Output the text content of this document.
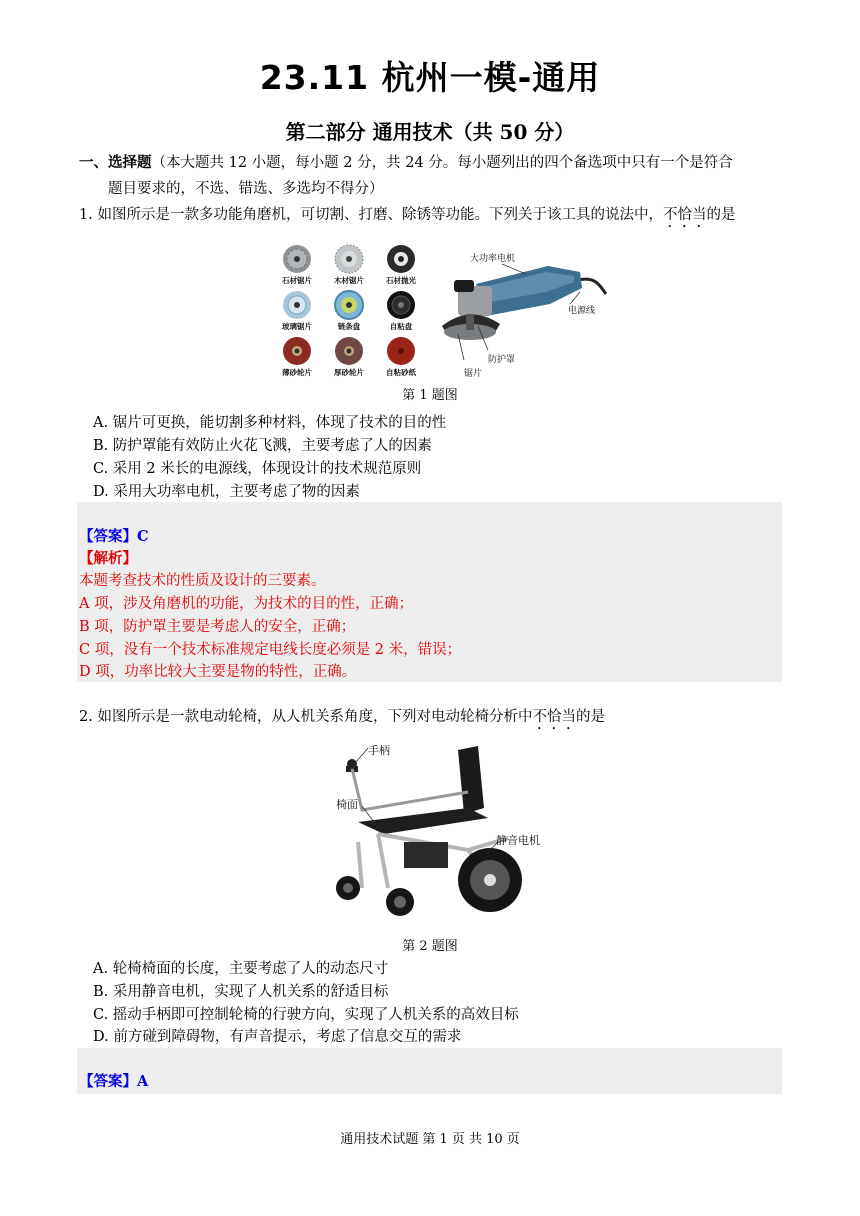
23.11 杭州一模-通用
第二部分 通用技术（共 50 分）
一、选择题（本大题共 12 小题，每小题 2 分，共 24 分。每小题列出的四个备选项中只有一个是符合
题目要求的，不选、错选、多选均不得分）
1. 如图所示是一款多功能角磨机，可切割、打磨、除锈等功能。下列关于该工具的说法中，不恰当的是
石材锯片	木材锯片	石材抛光
玻璃锯片	链条盘	自粘盘
薄砂轮片	厚砂轮片	自粘砂纸
大功率电机
电源线
防护罩
锯片
第 1 题图
A. 锯片可更换，能切割多种材料，体现了技术的目的性
B. 防护罩能有效防止火花飞溅，主要考虑了人的因素
C. 采用 2 米长的电源线，体现设计的技术规范原则
D. 采用大功率电机，主要考虑了物的因素
【答案】C
【解析】
本题考查技术的性质及设计的三要素。
A 项，涉及角磨机的功能，为技术的目的性，正确；
B 项，防护罩主要是考虑人的安全，正确；
C 项，没有一个技术标准规定电线长度必须是 2 米，错误；
D 项，功率比较大主要是物的特性，正确。
2. 如图所示是一款电动轮椅，从人机关系角度，下列对电动轮椅分析中不恰当的是
手柄
椅面
静音电机
第 2 题图
A. 轮椅椅面的长度，主要考虑了人的动态尺寸
B. 采用静音电机，实现了人机关系的舒适目标
C. 摇动手柄即可控制轮椅的行驶方向，实现了人机关系的高效目标
D. 前方碰到障碍物，有声音提示，考虑了信息交互的需求
【答案】A
通用技术试题 第 1 页 共 10 页
